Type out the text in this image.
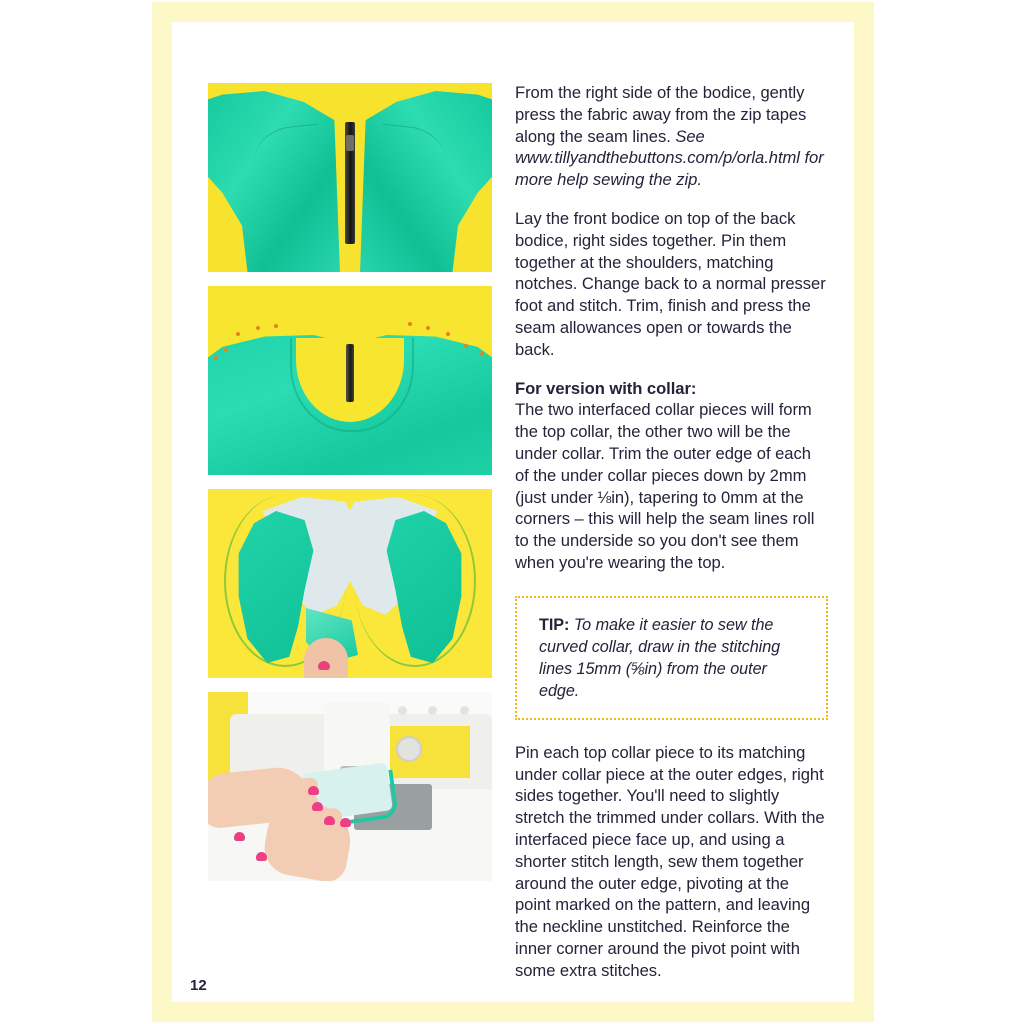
From the right side of the bodice, gently press the fabric away from the zip tapes along the seam lines. See www.tillyandthebuttons.com/p/orla.html for more help sewing the zip.

Lay the front bodice on top of the back bodice, right sides together. Pin them together at the shoulders, matching notches. Change back to a normal presser foot and stitch. Trim, finish and press the seam allowances open or towards the back.

For version with collar:

The two interfaced collar pieces will form the top collar, the other two will be the under collar. Trim the outer edge of each of the under collar pieces down by 2mm (just under ⅛in), tapering to 0mm at the corners – this will help the seam lines roll to the underside so you don't see them when you're wearing the top.

TIP: To make it easier to sew the curved collar, draw in the stitching lines 15mm (⅝in) from the outer edge.

Pin each top collar piece to its matching under collar piece at the outer edges, right sides together. You'll need to slightly stretch the trimmed under collars. With the interfaced piece face up, and using a shorter stitch length, sew them together around the outer edge, pivoting at the point marked on the pattern, and leaving the neckline unstitched. Reinforce the inner corner around the pivot point with some extra stitches.

12
